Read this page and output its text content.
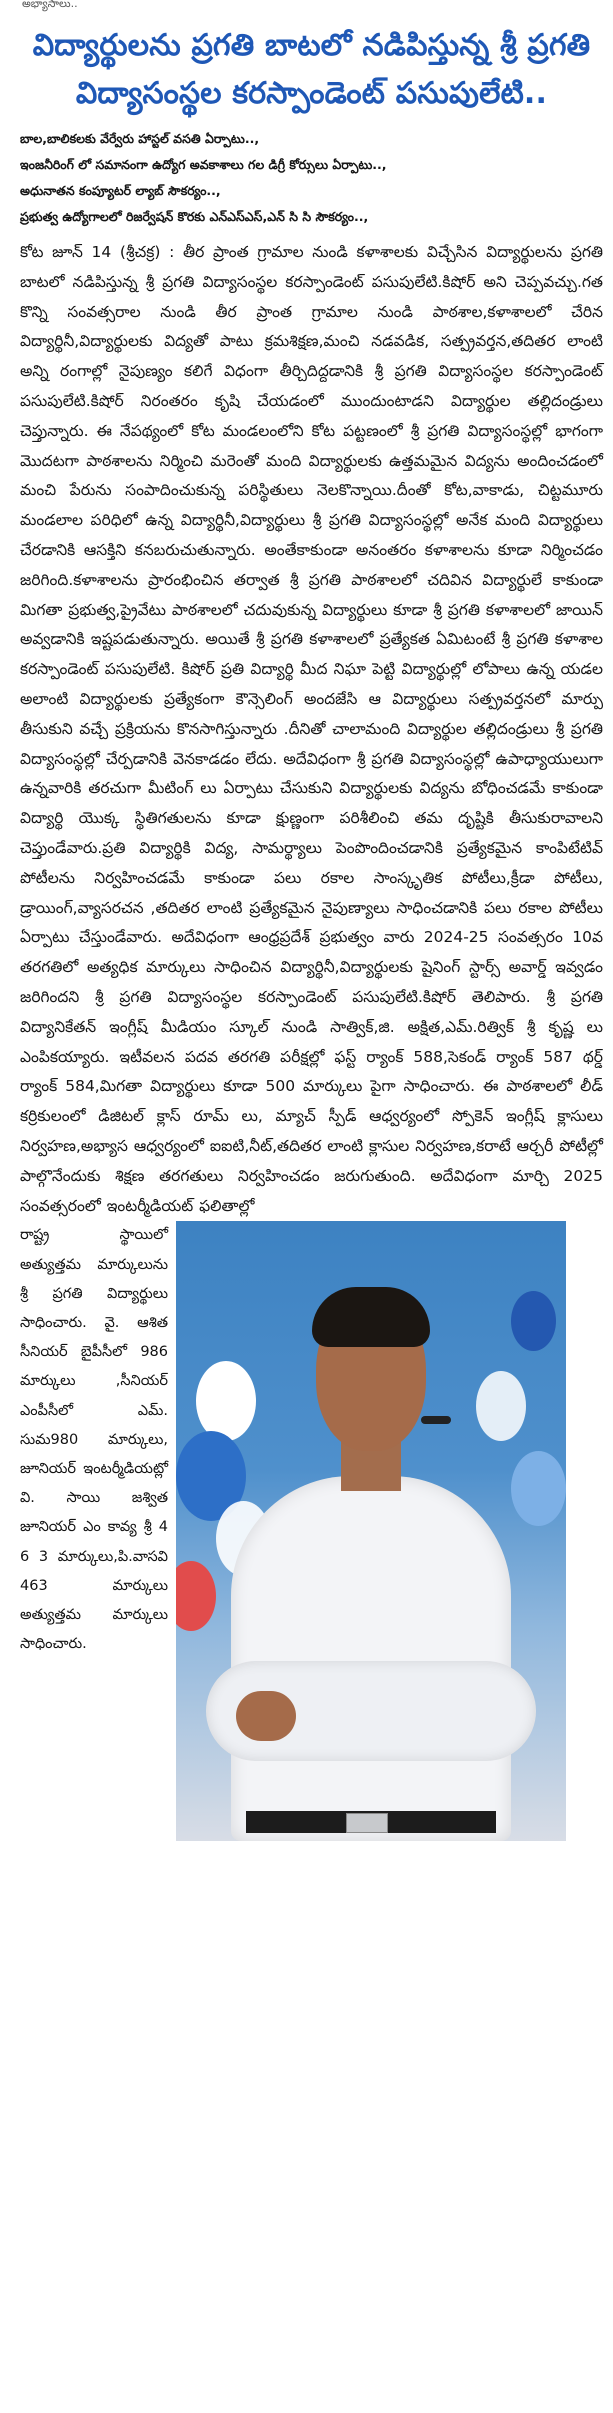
అభ్యాసాలు..
విద్యార్థులను ప్రగతి బాటలో నడిపిస్తున్న శ్రీ ప్రగతి
విద్యాసంస్థల కరస్పాండెంట్ పసుపులేటి..
బాల,బాలికలకు వేర్వేరు హాస్టల్ వసతి ఏర్పాటు..,
ఇంజనీరింగ్ లో సమానంగా ఉద్యోగ అవకాశాలు గల డిగ్రీ కోర్సులు ఏర్పాటు..,
అధునాతన కంప్యూటర్ ల్యాబ్ సౌకర్యం..,
ప్రభుత్వ ఉద్యోగాలలో రిజర్వేషన్ కొరకు ఎన్ఎస్ఎస్,ఎన్ సి సి సౌకర్యం..,

కోట జూన్ 14 (శ్రీచక్ర) : తీర ప్రాంత గ్రామాల నుండి కళాశాలకు విచ్చేసిన విద్యార్థులను ప్రగతి బాటలో నడిపిస్తున్న శ్రీ ప్రగతి విద్యాసంస్థల కరస్పాండెంట్ పసుపులేటి.కిషోర్ అని చెప్పవచ్చు.గత కొన్ని సంవత్సరాల నుండి తీర ప్రాంత గ్రామాల నుండి పాఠశాల,కళాశాలలో చేరిన విద్యార్థినీ,విద్యార్థులకు విద్యతో పాటు క్రమశిక్షణ,మంచి నడవడిక, సత్ప్రవర్తన,తదితర లాంటి అన్ని రంగాల్లో నైపుణ్యం కలిగే విధంగా తీర్చిదిద్దడానికి శ్రీ ప్రగతి విద్యాసంస్థల కరస్పాండెంట్ పసుపులేటి.కిషోర్ నిరంతరం కృషి చేయడంలో ముందుంటాడని విద్యార్థుల తల్లిదండ్రులు చెప్తున్నారు. ఈ నేపథ్యంలో కోట మండలంలోని కోట పట్టణంలో శ్రీ ప్రగతి విద్యాసంస్థల్లో భాగంగా మొదటగా పాఠశాలను నిర్మించి మరెంతో మంది విద్యార్థులకు ఉత్తమమైన విద్యను అందించడంలో మంచి పేరును సంపాదించుకున్న పరిస్థితులు నెలకొన్నాయి.దీంతో కోట,వాకాడు, చిట్టమూరు మండలాల పరిధిలో ఉన్న విద్యార్థినీ,విద్యార్థులు శ్రీ ప్రగతి విద్యాసంస్థల్లో అనేక మంది విద్యార్థులు చేరడానికి ఆసక్తిని కనబరుచుతున్నారు. అంతేకాకుండా అనంతరం కళాశాలను కూడా నిర్మించడం జరిగింది.కళాశాలను ప్రారంభించిన తర్వాత శ్రీ ప్రగతి పాఠశాలలో చదివిన విద్యార్థులే కాకుండా మిగతా ప్రభుత్వ,ప్రైవేటు పాఠశాలలో చదువుకున్న విద్యార్థులు కూడా శ్రీ ప్రగతి కళాశాలలో జాయిన్ అవ్వడానికి ఇష్టపడుతున్నారు. అయితే శ్రీ ప్రగతి కళాశాలలో ప్రత్యేకత ఏమిటంటే శ్రీ ప్రగతి కళాశాల కరస్పాండెంట్ పసుపులేటి. కిషోర్ ప్రతి విద్యార్థి మీద నిఘా పెట్టి విద్యార్థుల్లో లోపాలు ఉన్న యడల అలాంటి విద్యార్థులకు ప్రత్యేకంగా కౌన్సెలింగ్ అందజేసి ఆ విద్యార్థులు సత్ప్రవర్తనలో మార్పు తీసుకుని వచ్చే ప్రక్రియను కొనసాగిస్తున్నారు .దీనితో చాలామంది విద్యార్థుల తల్లిదండ్రులు శ్రీ ప్రగతి విద్యాసంస్థల్లో చేర్పడానికి వెనకాడడం లేదు. అదేవిధంగా శ్రీ ప్రగతి విద్యాసంస్థల్లో ఉపాధ్యాయులుగా ఉన్నవారికి తరచుగా మీటింగ్ లు ఏర్పాటు చేసుకుని విద్యార్థులకు విద్యను బోధించడమే కాకుండా విద్యార్థి యొక్క స్థితిగతులను కూడా క్షుణ్ణంగా పరిశీలించి తమ దృష్టికి తీసుకురావాలని చెప్తుండేవారు.ప్రతి విద్యార్థికి విద్య, సామర్థ్యాలు పెంపొందించడానికి ప్రత్యేకమైన కాంపిటేటివ్ పోటీలను నిర్వహించడమే కాకుండా పలు రకాల సాంస్కృతిక పోటీలు,క్రీడా పోటీలు, డ్రాయింగ్,వ్యాసరచన ,తదితర లాంటి ప్రత్యేకమైన నైపుణ్యాలు సాధించడానికి పలు రకాల పోటీలు ఏర్పాటు చేస్తుండేవారు. అదేవిధంగా ఆంధ్రప్రదేశ్ ప్రభుత్వం వారు 2024-25 సంవత్సరం 10వ తరగతిలో అత్యధిక మార్కులు సాధించిన విద్యార్థినీ,విద్యార్థులకు షైనింగ్ స్టార్స్ అవార్డ్ ఇవ్వడం జరిగిందని శ్రీ ప్రగతి విద్యాసంస్థల కరస్పాండెంట్ పసుపులేటి.కిషోర్ తెలిపారు. శ్రీ ప్రగతి విద్యానికేతన్ ఇంగ్లీష్ మీడియం స్కూల్ నుండి సాత్విక్,జి. అక్షిత,ఎమ్.రిత్విక్ శ్రీ కృష్ణ లు ఎంపికయ్యారు. ఇటీవలన పదవ తరగతి పరీక్షల్లో ఫస్ట్ ర్యాంక్ 588,సెకండ్ ర్యాంక్ 587 థర్డ్ ర్యాంక్ 584,మిగతా విద్యార్థులు కూడా 500 మార్కులు పైగా సాధించారు. ఈ పాఠశాలలో లీడ్ కర్రికులంలో డిజిటల్ క్లాస్ రూమ్ లు, మ్యాచ్ స్పీడ్ ఆధ్వర్యంలో స్పోకెన్ ఇంగ్లీష్ క్లాసులు నిర్వహణ,అభ్యాస ఆధ్వర్యంలో ఐఐటి,నీట్,తదితర లాంటి క్లాసుల నిర్వహణ,కరాటే ఆర్చరీ పోటీల్లో పాల్గొనేందుకు శిక్షణ తరగతులు నిర్వహించడం జరుగుతుంది. అదేవిధంగా మార్చి 2025 సంవత్సరంలో ఇంటర్మీడియట్ ఫలితాల్లో

రాష్ట్ర స్థాయిలో అత్యుత్తమ మార్కులును శ్రీ ప్రగతి విద్యార్థులు సాధించారు. వై. ఆశిత సీనియర్ బైపీసీలో 986 మార్కులు ,సీనియర్ ఎంపీసీలో ఎమ్. సుమ980 మార్కులు, జూనియర్ ఇంటర్మీడియట్లో వి. సాయి జశ్విత జూనియర్ ఎం కావ్య శ్రీ 4 6 3 మార్కులు,పి.వాసవి 463 మార్కులు అత్యుత్తమ మార్కులు సాధించారు.
